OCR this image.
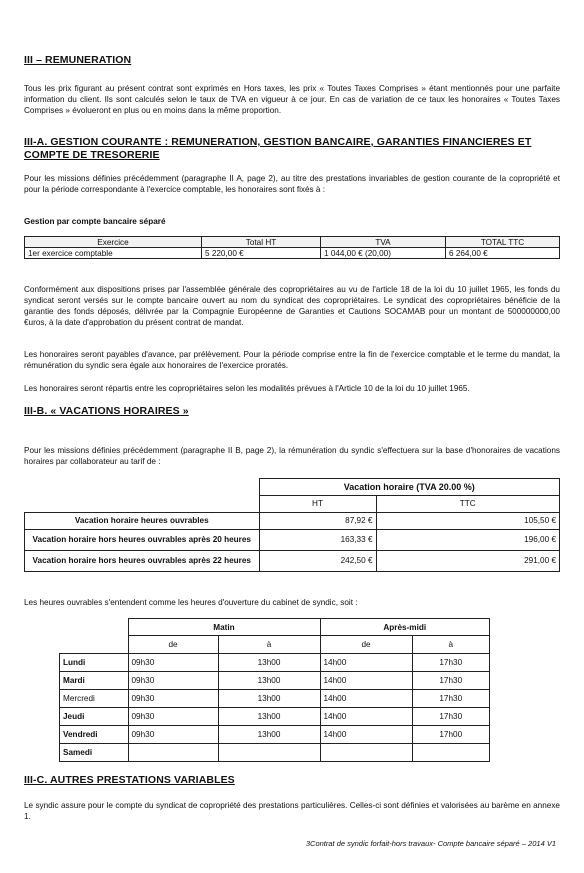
III – REMUNERATION
Tous les prix figurant au présent contrat sont exprimés en Hors taxes, les prix « Toutes Taxes Comprises » étant mentionnés pour une parfaite information du client. Ils sont calculés selon le taux de TVA en vigueur à ce jour. En cas de variation de ce taux les honoraires « Toutes Taxes Comprises » évolueront en plus ou en moins dans la même proportion.
III-A. GESTION COURANTE : REMUNERATION, GESTION BANCAIRE, GARANTIES FINANCIERES ET
COMPTE DE TRESORERIE
Pour les missions définies précédemment (paragraphe II A, page 2), au titre des prestations invariables de gestion courante de la copropriété et pour la période correspondante à l'exercice comptable, les honoraires sont fixés à :
Gestion par compte bancaire séparé
Exercice	Total HT	TVA	TOTAL TTC
1er exercice comptable	5 220,00 €	1 044,00 € (20,00)	6 264,00 €
Conformément aux dispositions prises par l'assemblée générale des copropriétaires au vu de l'article 18 de la loi du 10 juillet 1965, les fonds du syndicat seront versés sur le compte bancaire ouvert au nom du syndicat des copropriétaires. Le syndicat des copropriétaires bénéficie de la garantie des fonds déposés, délivrée par la Compagnie Européenne de Garanties et Cautions SOCAMAB pour un montant de 500000000,00 €uros, à la date d'approbation du présent contrat de mandat.
Les honoraires seront payables d'avance, par prélèvement. Pour la période comprise entre la fin de l'exercice comptable et le terme du mandat, la rémunération du syndic sera égale aux honoraires de l'exercice proratés.
Les honoraires seront répartis entre les copropriétaires selon les modalités prévues à l'Article 10 de la loi du 10 juillet 1965.
III-B. « VACATIONS HORAIRES »
Pour les missions définies précédemment (paragraphe II B, page 2), la rémunération du syndic s'effectuera sur la base d'honoraires de vacations horaires par collaborateur au tarif de :
	Vacation horaire (TVA 20.00 %)	
	HT	TTC
Vacation horaire heures ouvrables	87,92 €	105,50 €
Vacation horaire hors heures ouvrables après 20 heures	163,33 €	196,00 €
Vacation horaire hors heures ouvrables après 22 heures	242,50 €	291,00 €
Les heures ouvrables s'entendent comme les heures d'ouverture du cabinet de syndic, soit :
	Matin		Après-midi	
	de	à	de	à
Lundi	09h30	13h00	14h00	17h30
Mardi	09h30	13h00	14h00	17h30
Mercredi	09h30	13h00	14h00	17h30
Jeudi	09h30	13h00	14h00	17h30
Vendredi	09h30	13h00	14h00	17h00
Samedi				
III-C. AUTRES PRESTATIONS VARIABLES
Le syndic assure pour le compte du syndicat de copropriété des prestations particulières. Celles-ci sont définies et valorisées au barème en annexe 1.
3Contrat de syndic forfait-hors travaux- Compte bancaire séparé – 2014 V1
